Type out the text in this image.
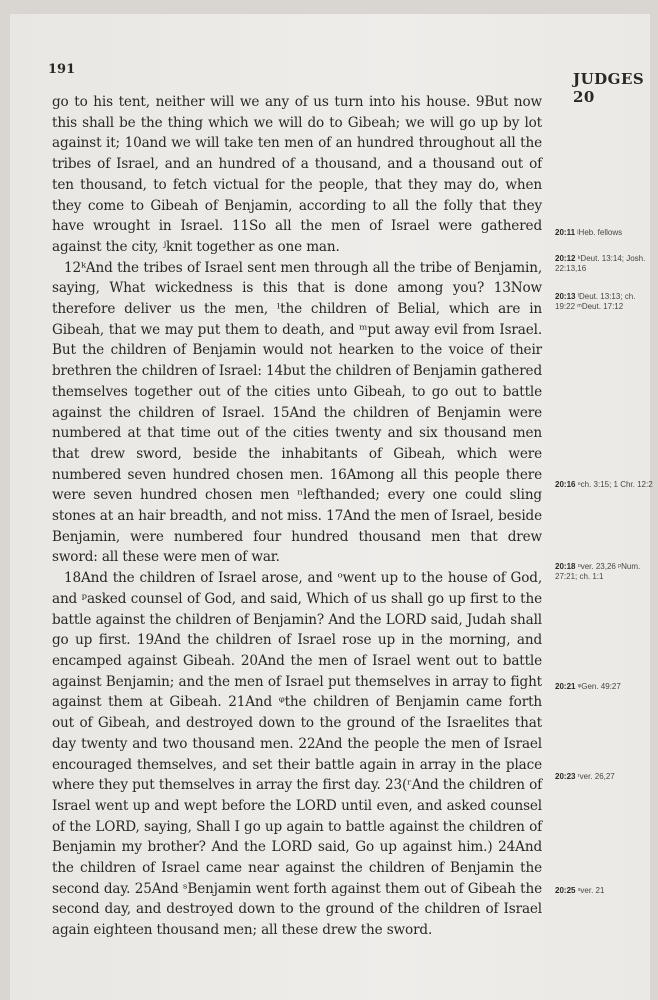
191
JUDGES 20

go to his tent, neither will we any of us turn into his house. 9But now this shall be the thing which we will do to Gibeah; we will go up by lot against it; 10and we will take ten men of an hundred throughout all the tribes of Israel, and an hundred of a thousand, and a thousand out of ten thousand, to fetch victual for the people, that they may do, when they come to Gibeah of Benjamin, according to all the folly that they have wrought in Israel. 11So all the men of Israel were gathered against the city, ʲknit together as one man.

12ᵏAnd the tribes of Israel sent men through all the tribe of Benjamin, saying, What wickedness is this that is done among you? 13Now therefore deliver us the men, ˡthe children of Belial, which are in Gibeah, that we may put them to death, and ᵐput away evil from Israel. But the children of Benjamin would not hearken to the voice of their brethren the children of Israel: 14but the children of Benjamin gathered themselves together out of the cities unto Gibeah, to go out to battle against the children of Israel. 15And the children of Benjamin were numbered at that time out of the cities twenty and six thousand men that drew sword, beside the inhabitants of Gibeah, which were numbered seven hundred chosen men. 16Among all this people there were seven hundred chosen men ⁿlefthanded; every one could sling stones at an hair breadth, and not miss. 17And the men of Israel, beside Benjamin, were numbered four hundred thousand men that drew sword: all these were men of war.

18And the children of Israel arose, and ᵒwent up to the house of God, and ᵖasked counsel of God, and said, Which of us shall go up first to the battle against the children of Benjamin? And the LORD said, Judah shall go up first. 19And the children of Israel rose up in the morning, and encamped against Gibeah. 20And the men of Israel went out to battle against Benjamin; and the men of Israel put themselves in array to fight against them at Gibeah. 21And ᵠthe children of Benjamin came forth out of Gibeah, and destroyed down to the ground of the Israelites that day twenty and two thousand men. 22And the people the men of Israel encouraged themselves, and set their battle again in array in the place where they put themselves in array the first day. 23(ʳAnd the children of Israel went up and wept before the LORD until even, and asked counsel of the LORD, saying, Shall I go up again to battle against the children of Benjamin my brother? And the LORD said, Go up against him.) 24And the children of Israel came near against the children of Benjamin the second day. 25And ˢBenjamin went forth against them out of Gibeah the second day, and destroyed down to the ground of the children of Israel again eighteen thousand men; all these drew the sword.

20:11 ʲHeb. fellows
20:12 ᵏDeut. 13:14; Josh. 22:13,16
20:13 ˡDeut. 13:13; ch. 19:22 ᵐDeut. 17:12
20:16 ⁿch. 3:15; 1 Chr. 12:2
20:18 ᵒver. 23,26 ᵖNum. 27:21; ch. 1:1
20:21 ᵠGen. 49:27
20:23 ʳver. 26,27
20:25 ˢver. 21
